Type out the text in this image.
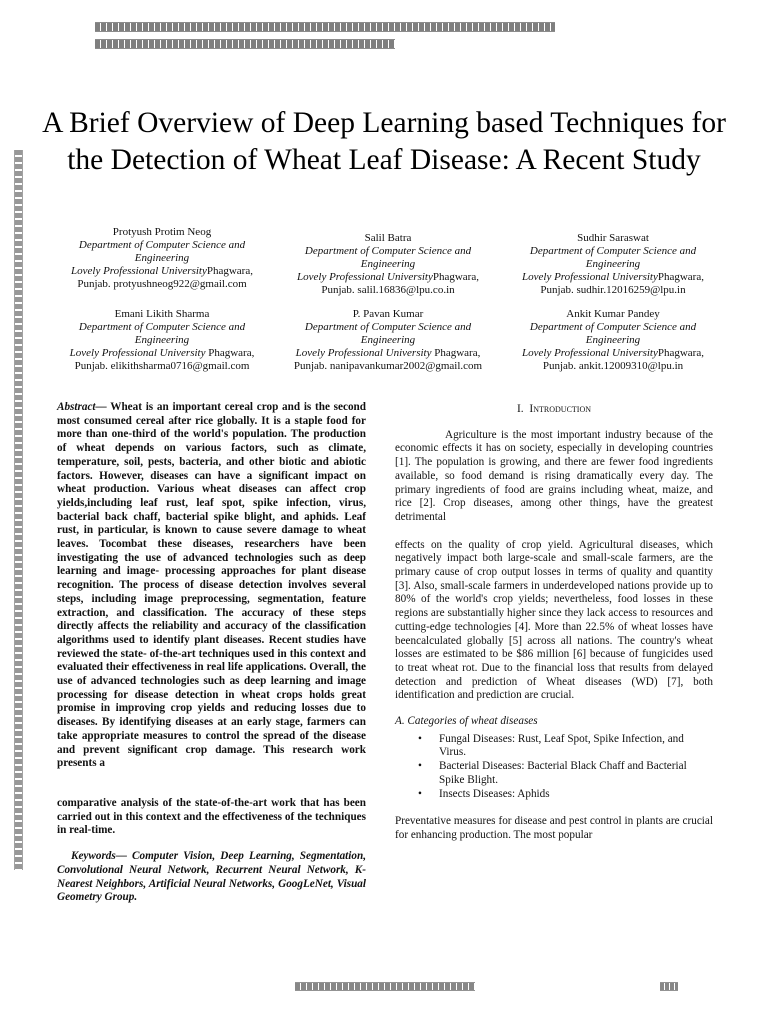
A Brief Overview of Deep Learning based Techniques for the Detection of Wheat Leaf Disease: A Recent Study
Protyush Protim Neog
Department of Computer Science and Engineering
Lovely Professional UniversityPhagwara,
Punjab. protyushneog922@gmail.com
Salil Batra
Department of Computer Science and Engineering
Lovely Professional UniversityPhagwara,
Punjab. salil.16836@lpu.co.in
Sudhir Saraswat
Department of Computer Science and Engineering
Lovely Professional UniversityPhagwara,
Punjab. sudhir.12016259@lpu.in
Emani Likith Sharma
Department of Computer Science and Engineering
Lovely Professional University Phagwara,
Punjab. elikithsharma0716@gmail.com
P. Pavan Kumar
Department of Computer Science and Engineering
Lovely Professional University Phagwara,
Punjab. nanipavankumar2002@gmail.com
Ankit Kumar Pandey
Department of Computer Science and Engineering
Lovely Professional UniversityPhagwara,
Punjab. ankit.12009310@lpu.in

Abstract— Wheat is an important cereal crop and is the second most consumed cereal after rice globally. It is a staple food for more than one-third of the world's population. The production of wheat depends on various factors, such as climate, temperature, soil, pests, bacteria, and other biotic and abiotic factors. However, diseases can have a significant impact on wheat production. Various wheat diseases can affect crop yields,including leaf rust, leaf spot, spike infection, virus, bacterial back chaff, bacterial spike blight, and aphids. Leaf rust, in particular, is known to cause severe damage to wheat leaves. Tocombat these diseases, researchers have been investigating the use of advanced technologies such as deep learning and image- processing approaches for plant disease recognition. The process of disease detection involves several steps, including image preprocessing, segmentation, feature extraction, and classification. The accuracy of these steps directly affects the reliability and accuracy of the classification algorithms used to identify plant diseases. Recent studies have reviewed the state- of-the-art techniques used in this context and evaluated their effectiveness in real life applications. Overall, the use of advanced technologies such as deep learning and image processing for disease detection in wheat crops holds great promise in improving crop yields and reducing losses due to diseases. By identifying diseases at an early stage, farmers can take appropriate measures to control the spread of the disease and prevent significant crop damage. This research work presents a

comparative analysis of the state-of-the-art work that has been carried out in this context and the effectiveness of the techniques in real-time.

Keywords— Computer Vision, Deep Learning, Segmentation, Convolutional Neural Network, Recurrent Neural Network, K-Nearest Neighbors, Artificial Neural Networks, GoogLeNet, Visual Geometry Group.

I. Introduction

Agriculture is the most important industry because of the economic effects it has on society, especially in developing countries [1]. The population is growing, and there are fewer food ingredients available, so food demand is rising dramatically every day. The primary ingredients of food are grains including wheat, maize, and rice [2]. Crop diseases, among other things, have the greatest detrimental

effects on the quality of crop yield. Agricultural diseases, which negatively impact both large-scale and small-scale farmers, are the primary cause of crop output losses in terms of quality and quantity [3]. Also, small-scale farmers in underdeveloped nations provide up to 80% of the world's crop yields; nevertheless, food losses in these regions are substantially higher since they lack access to resources and cutting-edge technologies [4]. More than 22.5% of wheat losses have beencalculated globally [5] across all nations. The country's wheat losses are estimated to be $86 million [6] because of fungicides used to treat wheat rot. Due to the financial loss that results from delayed detection and prediction of Wheat diseases (WD) [7], both identification and prediction are crucial.

A. Categories of wheat diseases
• Fungal Diseases: Rust, Leaf Spot, Spike Infection, and Virus.
• Bacterial Diseases: Bacterial Black Chaff and Bacterial Spike Blight.
• Insects Diseases: Aphids

Preventative measures for disease and pest control in plants are crucial for enhancing production. The most popular
